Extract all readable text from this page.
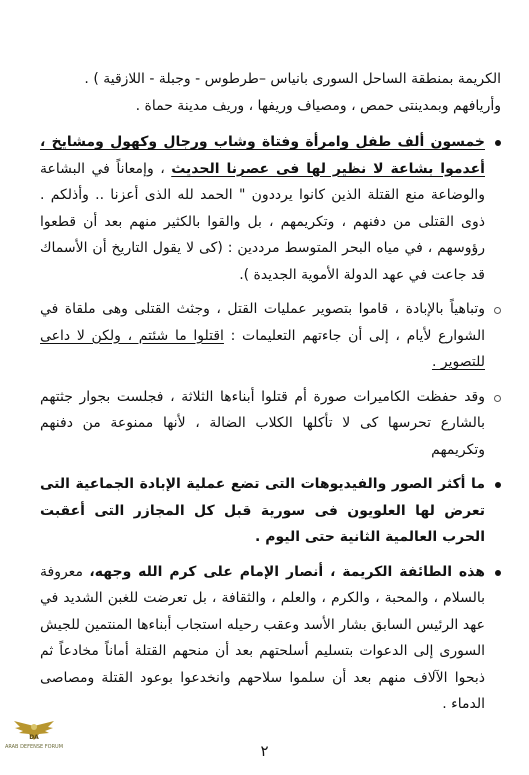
الكريمة بمنطقة الساحل السورى بانياس –طرطوس - وجبلة - اللازقية ) .
وأريافهم وبمدينتى حمص ، ومصياف وريفها ، وريف مدينة حماة .

خمسون ألف طفل وامرأة وفتاة وشاب ورجال وكهول ومشايخ ، أعدموا بشاعة لا نظير لها فى عصرنا الحديث ، وإمعاناً في البشاعة والوضاعة منع القتلة الذين كانوا يرددون " الحمد لله الذى أعزنا .. وأذلكم . ذوى القتلى من دفنهم ، وتكريمهم ، بل والقوا بالكثير منهم بعد أن قطعوا رؤوسهم ، في مياه البحر المتوسط مرددين : (كى لا يقول التاريخ أن الأسماك قد جاعت في عهد الدولة الأموية الجديدة ).

وتباهياً بالإبادة ، قاموا بتصوير عمليات القتل ، وجثث القتلى وهى ملقاة في الشوارع لأيام ، إلى أن جاءتهم التعليمات : اقتلوا ما شئتم ، ولكن لا داعى للتصوير .

وقد حفظت الكاميرات صورة أم قتلوا أبناءها الثلاثة ، فجلست بجوار جثتهم بالشارع تحرسها كى لا تأكلها الكلاب الضالة ، لأنها ممنوعة من دفنهم وتكريمهم

ما أكثر الصور والفيديوهات التى تضع عملية الإبادة الجماعية التى تعرض لها العلويون فى سورية قبل كل المجازر التى أعقبت الحرب العالمية الثانية حتى اليوم .

هذه الطائفة الكريمة ، أنصار الإمام على كرم الله وجهه، معروفة بالسلام ، والمحبة ، والكرم ، والعلم ، والثقافة ، بل تعرضت للغبن الشديد في عهد الرئيس السابق بشار الأسد وعقب رحيله استجاب أبناءها المنتمين للجيش السورى إلى الدعوات بتسليم أسلحتهم بعد أن منحهم القتلة أماناً مخادعاً ثم ذبحوا الآلاف منهم بعد أن سلموا سلاحهم وانخدعوا بوعود القتلة ومصاصى الدماء .

٢
DA
ARAB DEFENSE FORUM
